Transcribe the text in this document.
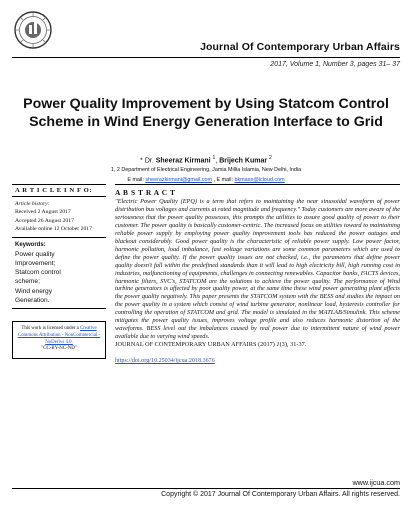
Journal Of Contemporary Urban Affairs
2017, Volume 1, Number 3, pages 31– 37
Power Quality Improvement by Using Statcom Control Scheme in Wind Energy Generation Interface to Grid
* Dr. Sheeraz Kirmani $^1$, Brijech Kumar $^2$
1, 2 Department of Electrical Engineering, Jamia Millia Islamia, New Delhi, India
E mail: sheerazkirmani@gmail.com , E mail: bkmaxe@icloud.com
A R T I C L E I N F O:
Article history:
Received 2 August 2017
Accepted 26 August 2017
Available online 12 October 2017
Keywords:
Power quality
Improvement;
Statcom control
scheme;
Wind energy
Generation.
This work is licensed under a Creative Commons Attribution - NonCommercial - NoDerivs 4.0.
"CC-BY-NC-ND"
A B S T R A C T
"Electric Power Quality (EPQ) is a term that refers to maintaining the near sinusoidal waveform of power distribution bus voltages and currents at rated magnitude and frequency." Today customers are more aware of the seriousness that the power quality possesses, this prompts the utilities to assure good quality of power to their customer. The power quality is basically customer-centric. The increased focus on utilities toward to maintaining reliable power supply by employing power quality improvement tools has reduced the power outages and blackout considerably. Good power quality is the characteristic of reliable power supply. Low power factor, harmonic pollution, load imbalance, fast voltage variations are some common parameters which are used to define the power quality. If the power quality issues are not checked, i.e., the parameters that define power quality doesn't fall within the predefined standards than it will lead to high electricity bill, high running cost in industries, malfunctioning of equipments, challenges in connecting renewables. Capacitor banks, FACTS devices, harmonic filters, SVC's, STATCOM are the solutions to achieve the power quality. The performance of Wind turbine generators is affected by poor quality power, at the same time these wind power generating plant affects the power quality negatively. This paper presents the STATCOM system with the BESS and studies the impact on the power quality in a system which consist of wind turbine generator, nonlinear load, hysteresis controller for controlling the operation of STATCOM and grid. The model is simulated in the MATLAB/Simulink. This scheme mitigates the power quality issues, improves voltage profile and also reduces harmonic distortion of the waveforms. BESS level out the imbalances caused by real power due to intermittent nature of wind power available due to varying wind speeds.
JOURNAL OF CONTEMPORARY URBAN AFFAIRS (2017) 1(3), 31-37.
https://doi.org/10.25034/ijcua.2018.3676
www.ijcua.com
Copyright © 2017 Journal Of Contemporary Urban Affairs. All rights reserved.
